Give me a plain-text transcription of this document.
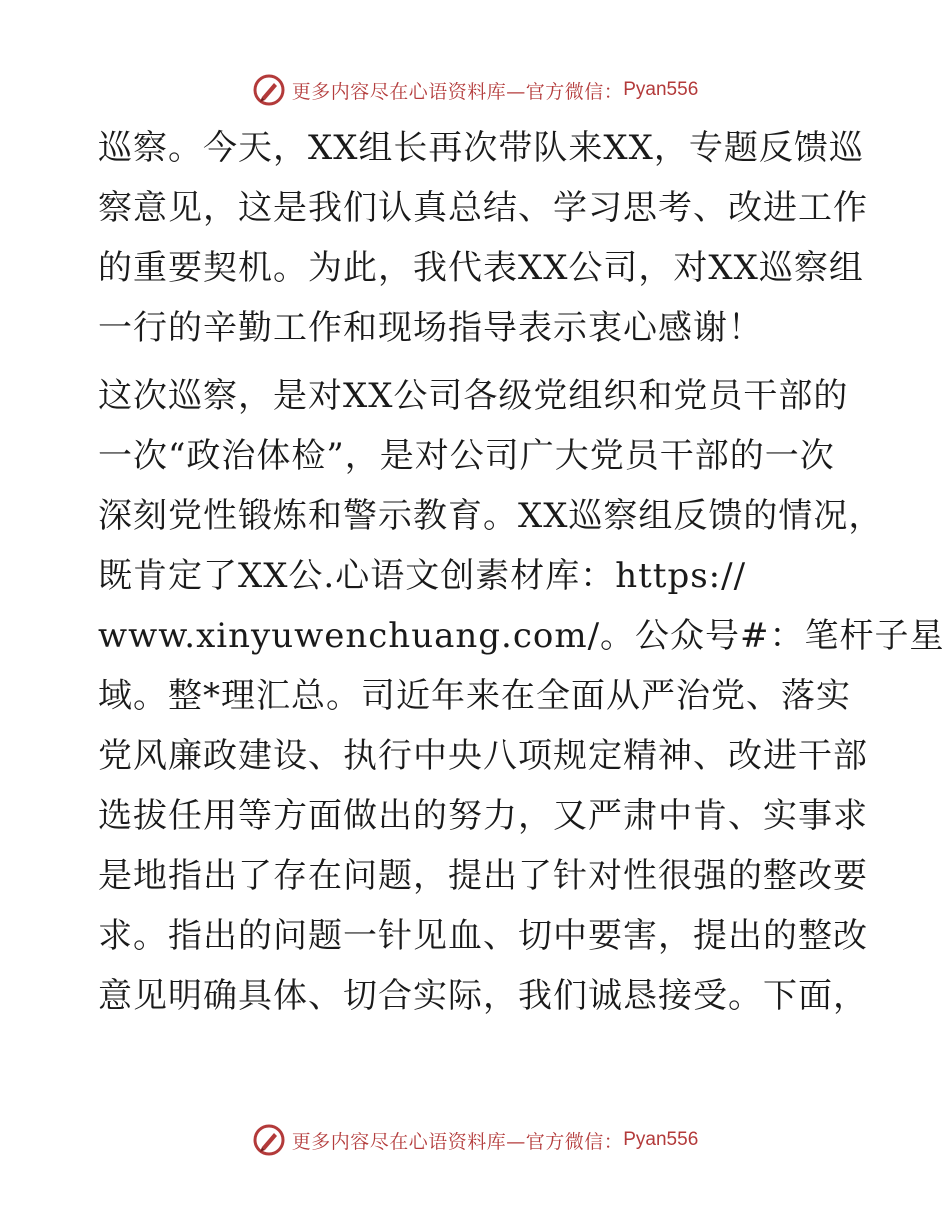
更多内容尽在心语资料库—官方微信： Pyan556
巡察。今天，XX组长再次带队来XX，专题反馈巡
察意见，这是我们认真总结、学习思考、改进工作
的重要契机。为此，我代表XX公司，对XX巡察组
一行的辛勤工作和现场指导表示衷心感谢！
这次巡察，是对XX公司各级党组织和党员干部的
一次“政治体检”，是对公司广大党员干部的一次
深刻党性锻炼和警示教育。XX巡察组反馈的情况，
既肯定了XX公.心语文创素材库：https://
www.xinyuwenchuang.com/。公众号#：笔杆子星
域。整*理汇总。司近年来在全面从严治党、落实
党风廉政建设、执行中央八项规定精神、改进干部
选拔任用等方面做出的努力，又严肃中肯、实事求
是地指出了存在问题，提出了针对性很强的整改要
求。指出的问题一针见血、切中要害，提出的整改
意见明确具体、切合实际，我们诚恳接受。下面，
更多内容尽在心语资料库—官方微信： Pyan556
